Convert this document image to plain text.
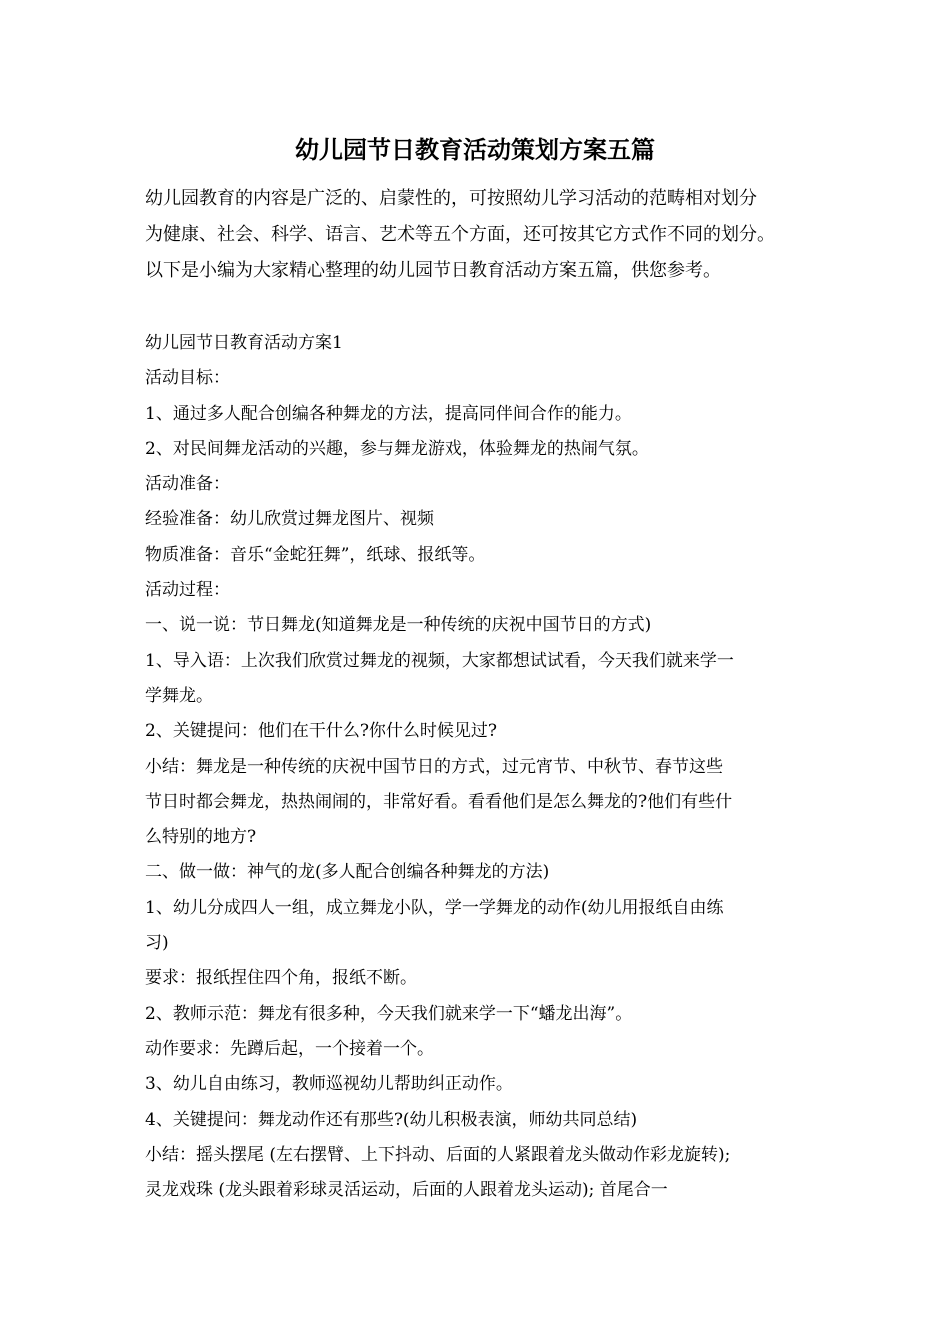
幼儿园节日教育活动策划方案五篇
幼儿园教育的内容是广泛的、启蒙性的，可按照幼儿学习活动的范畴相对划分
为健康、社会、科学、语言、艺术等五个方面，还可按其它方式作不同的划分。
以下是小编为大家精心整理的幼儿园节日教育活动方案五篇，供您参考。
幼儿园节日教育活动方案1
活动目标：
1、通过多人配合创编各种舞龙的方法，提高同伴间合作的能力。
2、对民间舞龙活动的兴趣，参与舞龙游戏，体验舞龙的热闹气氛。
活动准备：
经验准备：幼儿欣赏过舞龙图片、视频
物质准备：音乐“金蛇狂舞”，纸球、报纸等。
活动过程：
一、说一说：节日舞龙(知道舞龙是一种传统的庆祝中国节日的方式)
1、导入语：上次我们欣赏过舞龙的视频，大家都想试试看，今天我们就来学一
学舞龙。
2、关键提问：他们在干什么?你什么时候见过?
小结：舞龙是一种传统的庆祝中国节日的方式，过元宵节、中秋节、春节这些
节日时都会舞龙，热热闹闹的，非常好看。看看他们是怎么舞龙的?他们有些什
么特别的地方?
二、做一做：神气的龙(多人配合创编各种舞龙的方法)
1、幼儿分成四人一组，成立舞龙小队，学一学舞龙的动作(幼儿用报纸自由练
习)
要求：报纸捏住四个角，报纸不断。
2、教师示范：舞龙有很多种，今天我们就来学一下“蟠龙出海”。
动作要求：先蹲后起，一个接着一个。
3、幼儿自由练习，教师巡视幼儿帮助纠正动作。
4、关键提问：舞龙动作还有那些?(幼儿积极表演，师幼共同总结)
小结：摇头摆尾 (左右摆臂、上下抖动、后面的人紧跟着龙头做动作彩龙旋转);
灵龙戏珠 (龙头跟着彩球灵活运动，后面的人跟着龙头运动); 首尾合一
